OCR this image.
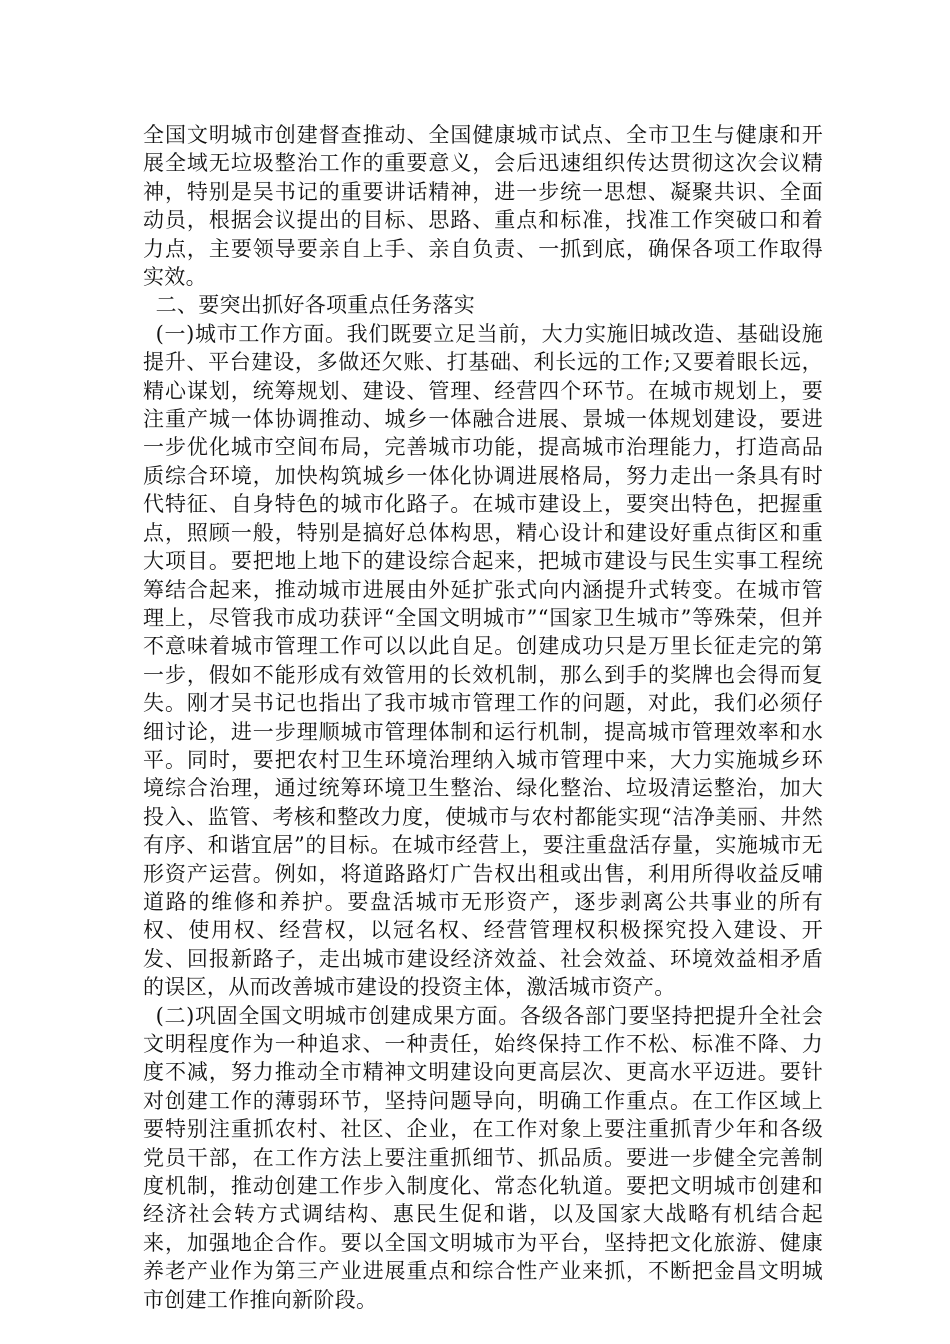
全国文明城市创建督查推动、全国健康城市试点、全市卫生与健康和开展全域无垃圾整治工作的重要意义，会后迅速组织传达贯彻这次会议精神，特别是吴书记的重要讲话精神，进一步统一思想、凝聚共识、全面动员，根据会议提出的目标、思路、重点和标准，找准工作突破口和着力点，主要领导要亲自上手、亲自负责、一抓到底，确保各项工作取得实效。

二、要突出抓好各项重点任务落实

(一)城市工作方面。我们既要立足当前，大力实施旧城改造、基础设施提升、平台建设，多做还欠账、打基础、利长远的工作;又要着眼长远，精心谋划，统筹规划、建设、管理、经营四个环节。在城市规划上，要注重产城一体协调推动、城乡一体融合进展、景城一体规划建设，要进一步优化城市空间布局，完善城市功能，提高城市治理能力，打造高品质综合环境，加快构筑城乡一体化协调进展格局，努力走出一条具有时代特征、自身特色的城市化路子。在城市建设上，要突出特色，把握重点，照顾一般，特别是搞好总体构思，精心设计和建设好重点街区和重大项目。要把地上地下的建设综合起来，把城市建设与民生实事工程统筹结合起来，推动城市进展由外延扩张式向内涵提升式转变。在城市管理上，尽管我市成功获评“全国文明城市”“国家卫生城市”等殊荣，但并不意味着城市管理工作可以以此自足。创建成功只是万里长征走完的第一步，假如不能形成有效管用的长效机制，那么到手的奖牌也会得而复失。刚才吴书记也指出了我市城市管理工作的问题，对此，我们必须仔细讨论，进一步理顺城市管理体制和运行机制，提高城市管理效率和水平。同时，要把农村卫生环境治理纳入城市管理中来，大力实施城乡环境综合治理，通过统筹环境卫生整治、绿化整治、垃圾清运整治，加大投入、监管、考核和整改力度，使城市与农村都能实现“洁净美丽、井然有序、和谐宜居”的目标。在城市经营上，要注重盘活存量，实施城市无形资产运营。例如，将道路路灯广告权出租或出售，利用所得收益反哺道路的维修和养护。要盘活城市无形资产，逐步剥离公共事业的所有权、使用权、经营权，以冠名权、经营管理权积极探究投入建设、开发、回报新路子，走出城市建设经济效益、社会效益、环境效益相矛盾的误区，从而改善城市建设的投资主体，激活城市资产。

(二)巩固全国文明城市创建成果方面。各级各部门要坚持把提升全社会文明程度作为一种追求、一种责任，始终保持工作不松、标准不降、力度不减，努力推动全市精神文明建设向更高层次、更高水平迈进。要针对创建工作的薄弱环节，坚持问题导向，明确工作重点。在工作区域上要特别注重抓农村、社区、企业，在工作对象上要注重抓青少年和各级党员干部，在工作方法上要注重抓细节、抓品质。要进一步健全完善制度机制，推动创建工作步入制度化、常态化轨道。要把文明城市创建和经济社会转方式调结构、惠民生促和谐，以及国家大战略有机结合起来，加强地企合作。要以全国文明城市为平台，坚持把文化旅游、健康养老产业作为第三产业进展重点和综合性产业来抓，不断把金昌文明城市创建工作推向新阶段。
